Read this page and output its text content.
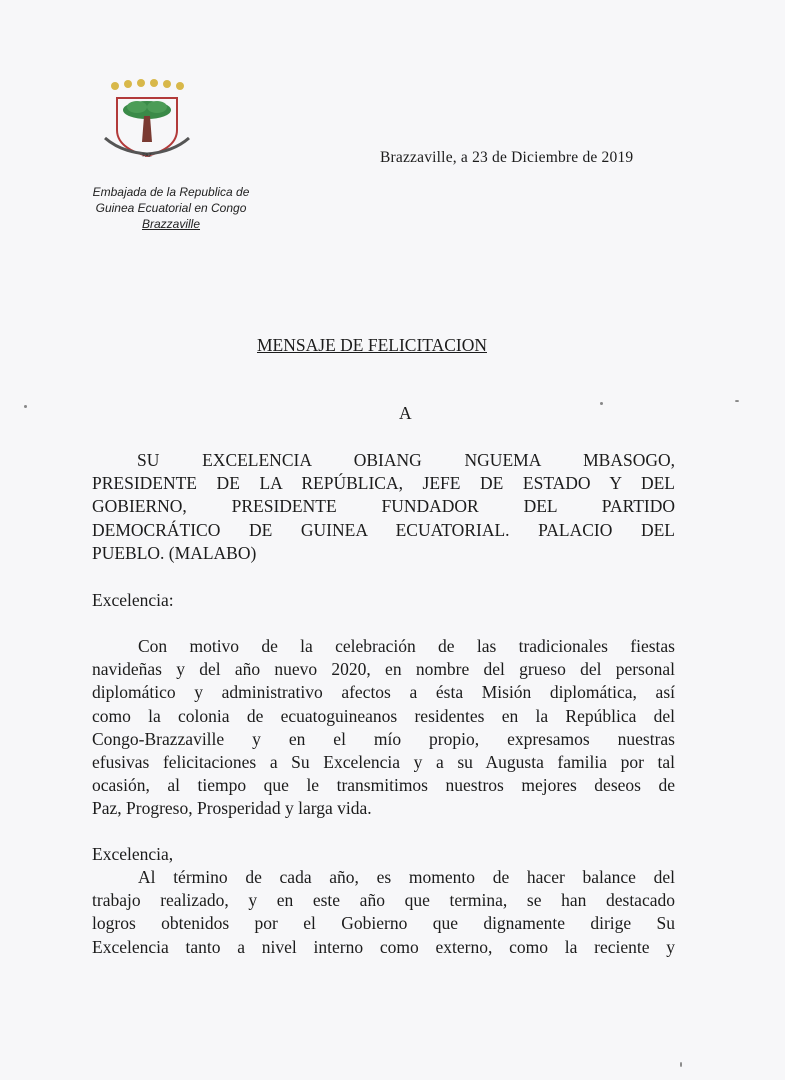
PAZ
Embajada de la Republica de
Guinea Ecuatorial en Congo
Brazzaville
Brazzaville, a 23 de Diciembre de 2019
MENSAJE DE FELICITACION
A
SU EXCELENCIA OBIANG NGUEMA MBASOGO,
PRESIDENTE DE LA REPÚBLICA, JEFE DE ESTADO Y DEL
GOBIERNO, PRESIDENTE FUNDADOR DEL PARTIDO
DEMOCRÁTICO DE GUINEA ECUATORIAL. PALACIO DEL
PUEBLO. (MALABO)
Excelencia:
Con motivo de la celebración de las tradicionales fiestas
navideñas y del año nuevo 2020, en nombre del grueso del personal
diplomático y administrativo afectos a ésta Misión diplomática, así
como la colonia de ecuatoguineanos residentes en la República del
Congo-Brazzaville y en el mío propio, expresamos nuestras
efusivas felicitaciones a Su Excelencia y a su Augusta familia por tal
ocasión, al tiempo que le transmitimos nuestros mejores deseos de
Paz, Progreso, Prosperidad y larga vida.
Excelencia,
Al término de cada año, es momento de hacer balance del
trabajo realizado, y en este año que termina, se han destacado
logros obtenidos por el Gobierno que dignamente dirige Su
Excelencia tanto a nivel interno como externo, como la reciente y
